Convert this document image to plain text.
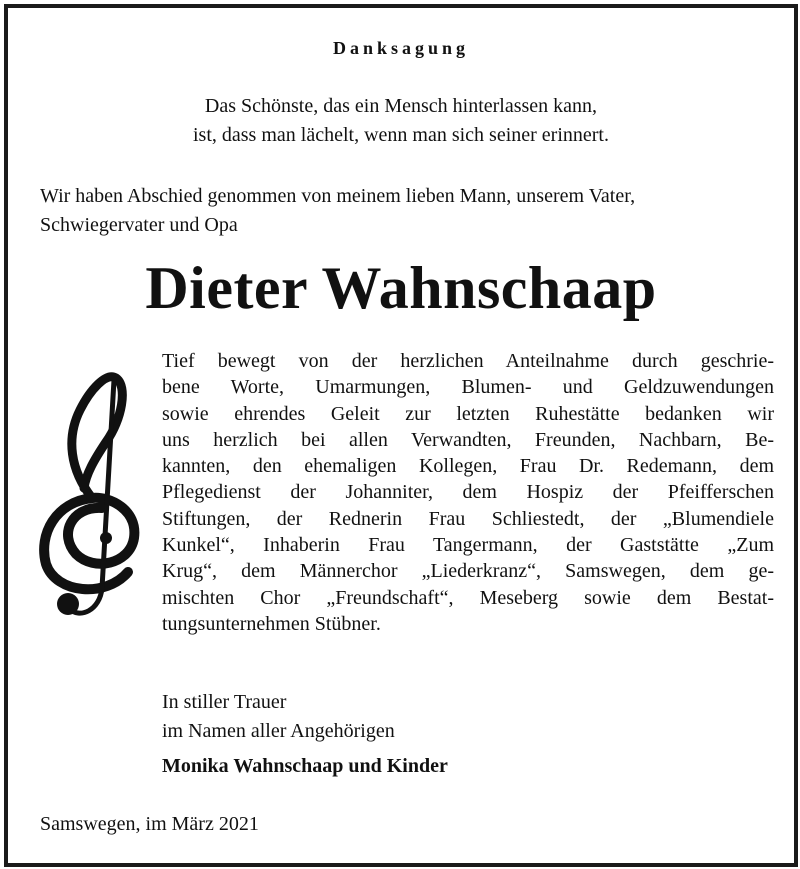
Danksagung
Das Schönste, das ein Mensch hinterlassen kann,
ist, dass man lächelt, wenn man sich seiner erinnert.
Wir haben Abschied genommen von meinem lieben Mann, unserem Vater,
Schwiegervater und Opa
Dieter Wahnschaap
Tief bewegt von der herzlichen Anteilnahme durch geschrie-
bene Worte, Umarmungen, Blumen- und Geldzuwendungen
sowie ehrendes Geleit zur letzten Ruhestätte bedanken wir
uns herzlich bei allen Verwandten, Freunden, Nachbarn, Be-
kannten, den ehemaligen Kollegen, Frau Dr. Redemann, dem
Pflegedienst der Johanniter, dem Hospiz der Pfeifferschen
Stiftungen, der Rednerin Frau Schliestedt, der „Blumendiele
Kunkel“, Inhaberin Frau Tangermann, der Gaststätte „Zum
Krug“, dem Männerchor „Liederkranz“, Samswegen, dem ge-
mischten Chor „Freundschaft“, Meseberg sowie dem Bestat-
tungsunternehmen Stübner.
In stiller Trauer
im Namen aller Angehörigen
Monika Wahnschaap und Kinder
Samswegen, im März 2021
